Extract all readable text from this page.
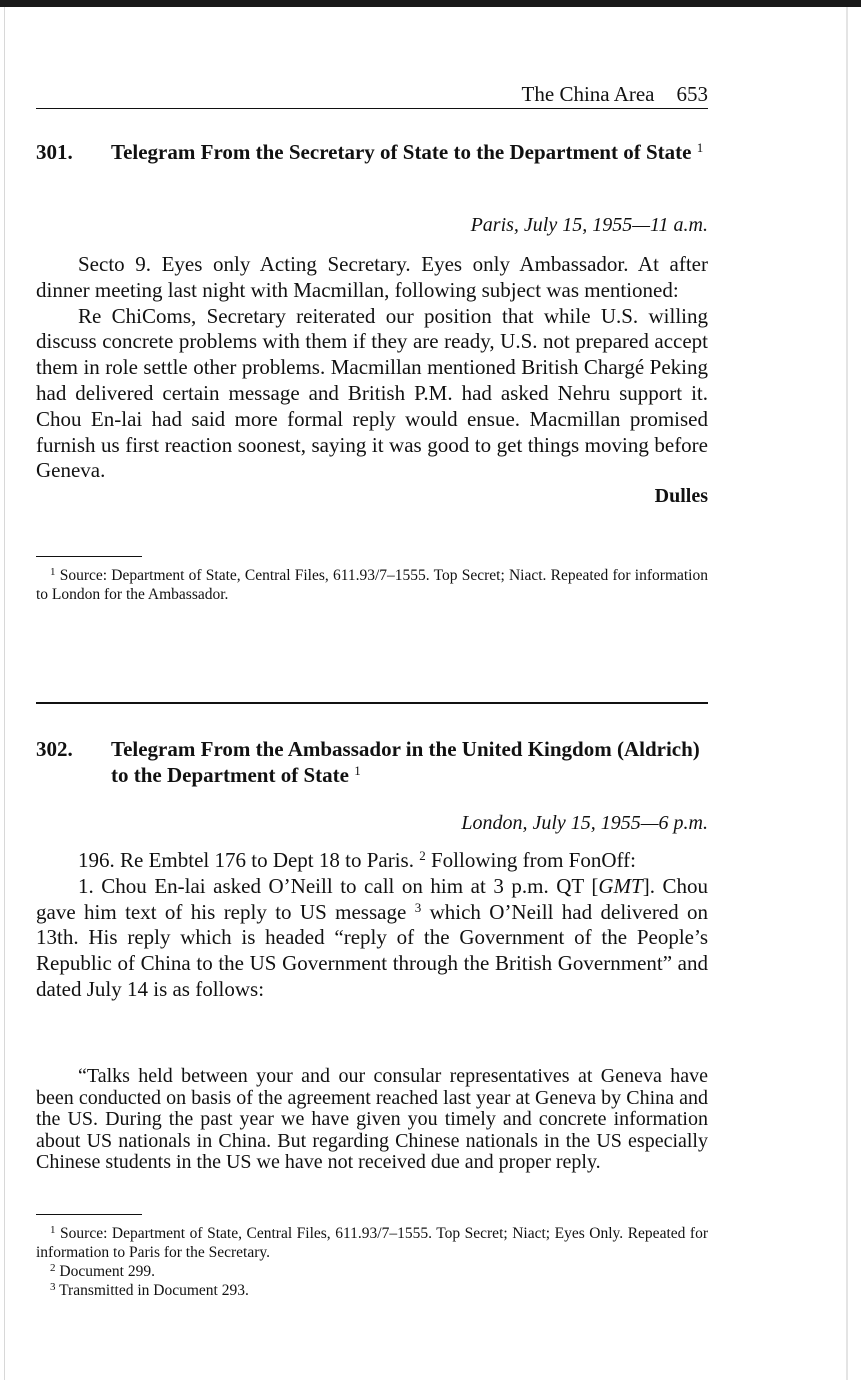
The China Area 653
301. Telegram From the Secretary of State to the Department of State $^1$
Paris, July 15, 1955—11 a.m.

Secto 9. Eyes only Acting Secretary. Eyes only Ambassador. At after dinner meeting last night with Macmillan, following subject was mentioned:

Re ChiComs, Secretary reiterated our position that while U.S. willing discuss concrete problems with them if they are ready, U.S. not prepared accept them in role settle other problems. Macmillan mentioned British Chargé Peking had delivered certain message and British P.M. had asked Nehru support it. Chou En-lai had said more formal reply would ensue. Macmillan promised furnish us first reaction soonest, saying it was good to get things moving before Geneva.

Dulles

$^1$ Source: Department of State, Central Files, 611.93/7–1555. Top Secret; Niact. Repeated for information to London for the Ambassador.

302. Telegram From the Ambassador in the United Kingdom (Aldrich) to the Department of State $^1$
London, July 15, 1955—6 p.m.

196. Re Embtel 176 to Dept 18 to Paris. $^2$ Following from FonOff:

1. Chou En-lai asked O’Neill to call on him at 3 p.m. QT [GMT]. Chou gave him text of his reply to US message $^3$ which O’Neill had delivered on 13th. His reply which is headed “reply of the Government of the People’s Republic of China to the US Government through the British Government” and dated July 14 is as follows:

“Talks held between your and our consular representatives at Geneva have been conducted on basis of the agreement reached last year at Geneva by China and the US. During the past year we have given you timely and concrete information about US nationals in China. But regarding Chinese nationals in the US especially Chinese students in the US we have not received due and proper reply.

$^1$ Source: Department of State, Central Files, 611.93/7–1555. Top Secret; Niact; Eyes Only. Repeated for information to Paris for the Secretary.

$^2$ Document 299.

$^3$ Transmitted in Document 293.
